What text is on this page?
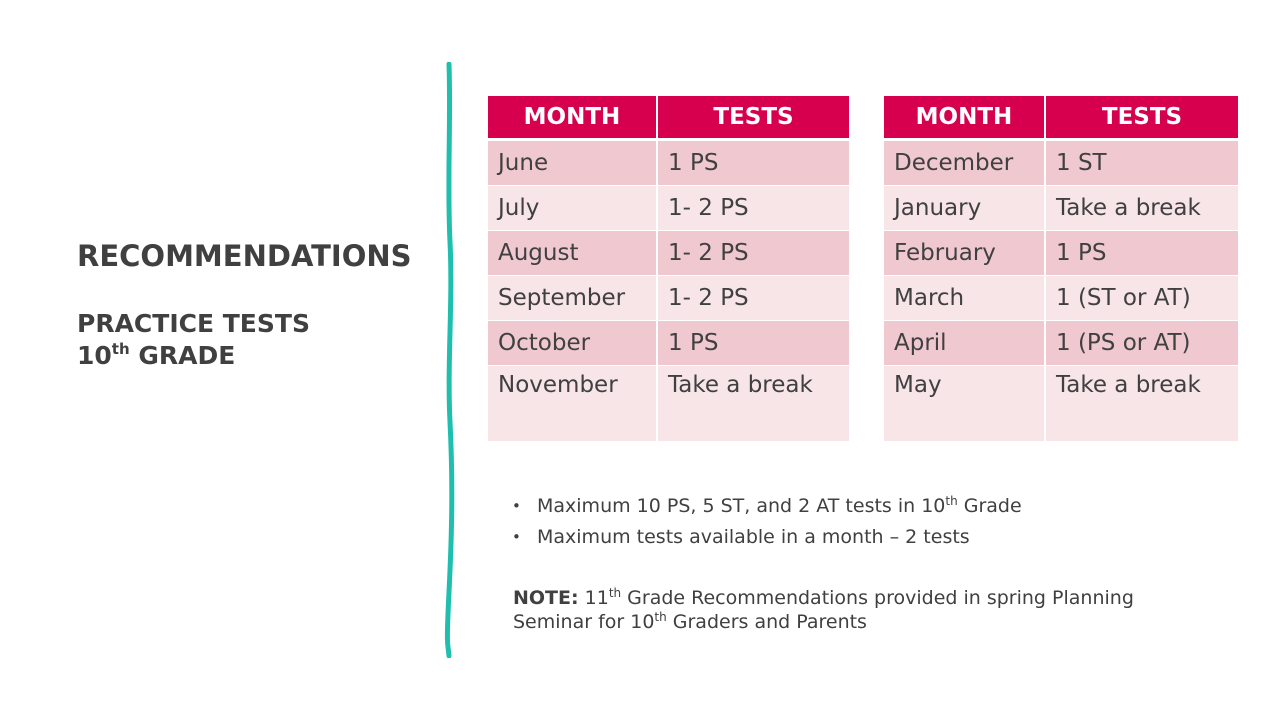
RECOMMENDATIONS
PRACTICE TESTS
10th GRADE
MONTH	TESTS
June	1 PS
July	1- 2 PS
August	1- 2 PS
September	1- 2 PS
October	1 PS
November	Take a break
MONTH	TESTS
December	1 ST
January	Take a break
February	1 PS
March	1 (ST or AT)
April	1 (PS or AT)
May	Take a break
• Maximum 10 PS, 5 ST, and 2 AT tests in 10th Grade
• Maximum tests available in a month – 2 tests
NOTE: 11th Grade Recommendations provided in spring Planning Seminar for 10th Graders and Parents
